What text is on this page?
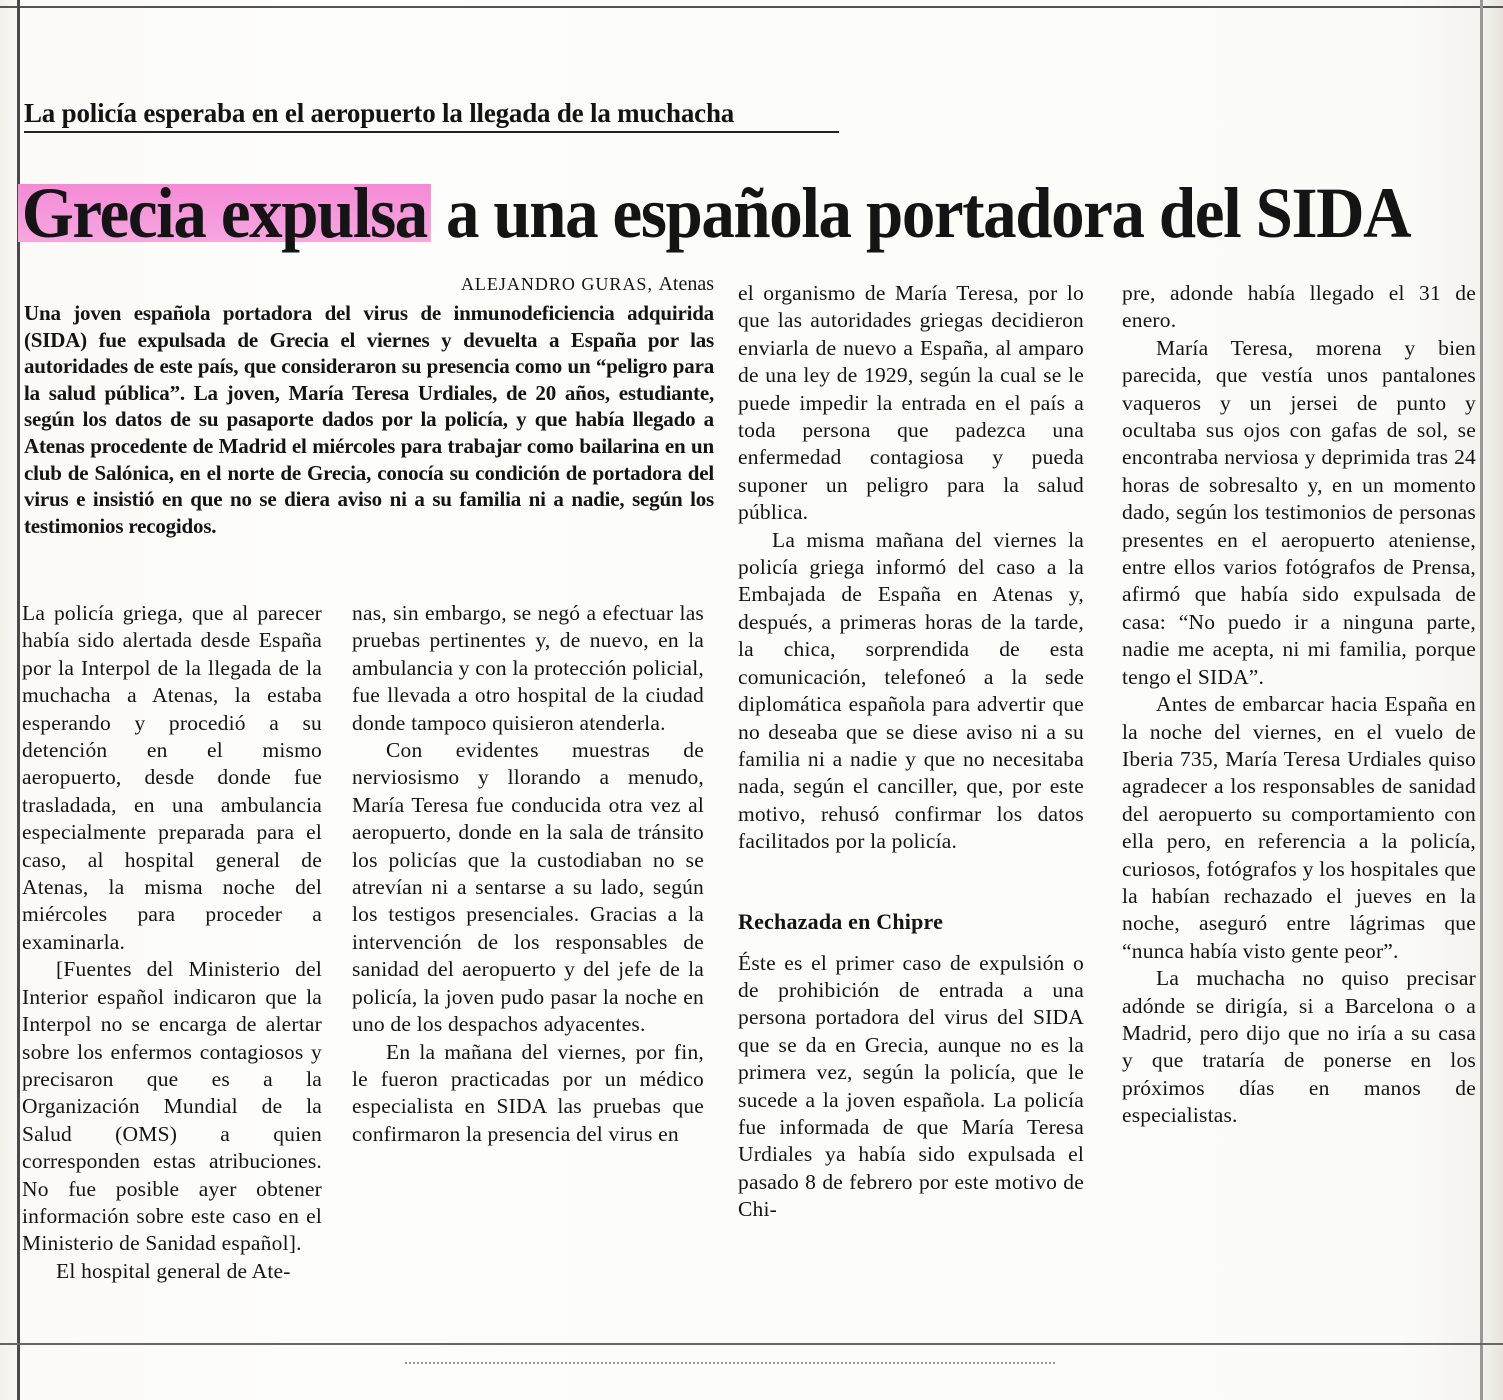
La policía esperaba en el aeropuerto la llegada de la muchacha
Grecia expulsa a una española portadora del SIDA
ALEJANDRO GURAS, Atenas
Una joven española portadora del virus de inmunodeficiencia adquirida (SIDA) fue expulsada de Grecia el viernes y devuelta a España por las autoridades de este país, que consideraron su presencia como un “peligro para la salud pública”. La joven, María Teresa Urdiales, de 20 años, estudiante, según los datos de su pasaporte dados por la policía, y que había llegado a Atenas procedente de Madrid el miércoles para trabajar como bailarina en un club de Salónica, en el norte de Grecia, conocía su condición de portadora del virus e insistió en que no se diera aviso ni a su familia ni a nadie, según los testimonios recogidos.

La policía griega, que al parecer había sido alertada desde España por la Interpol de la llegada de la muchacha a Atenas, la estaba esperando y procedió a su detención en el mismo aeropuerto, desde donde fue trasladada, en una ambulancia especialmente preparada para el caso, al hospital general de Atenas, la misma noche del miércoles para proceder a examinarla.

[Fuentes del Ministerio del Interior español indicaron que la Interpol no se encarga de alertar sobre los enfermos contagiosos y precisaron que es a la Organización Mundial de la Salud (OMS) a quien corresponden estas atribuciones. No fue posible ayer obtener información sobre este caso en el Ministerio de Sanidad español].

El hospital general de Ate-

nas, sin embargo, se negó a efectuar las pruebas pertinentes y, de nuevo, en la ambulancia y con la protección policial, fue llevada a otro hospital de la ciudad donde tampoco quisieron atenderla.

Con evidentes muestras de nerviosismo y llorando a menudo, María Teresa fue conducida otra vez al aeropuerto, donde en la sala de tránsito los policías que la custodiaban no se atrevían ni a sentarse a su lado, según los testigos presenciales. Gracias a la intervención de los responsables de sanidad del aeropuerto y del jefe de la policía, la joven pudo pasar la noche en uno de los despachos adyacentes.

En la mañana del viernes, por fin, le fueron practicadas por un médico especialista en SIDA las pruebas que confirmaron la presencia del virus en

el organismo de María Teresa, por lo que las autoridades griegas decidieron enviarla de nuevo a España, al amparo de una ley de 1929, según la cual se le puede impedir la entrada en el país a toda persona que padezca una enfermedad contagiosa y pueda suponer un peligro para la salud pública.

La misma mañana del viernes la policía griega informó del caso a la Embajada de España en Atenas y, después, a primeras horas de la tarde, la chica, sorprendida de esta comunicación, telefoneó a la sede diplomática española para advertir que no deseaba que se diese aviso ni a su familia ni a nadie y que no necesitaba nada, según el canciller, que, por este motivo, rehusó confirmar los datos facilitados por la policía.

Rechazada en Chipre

Éste es el primer caso de expulsión o de prohibición de entrada a una persona portadora del virus del SIDA que se da en Grecia, aunque no es la primera vez, según la policía, que le sucede a la joven española. La policía fue informada de que María Teresa Urdiales ya había sido expulsada el pasado 8 de febrero por este motivo de Chi-

pre, adonde había llegado el 31 de enero.

María Teresa, morena y bien parecida, que vestía unos pantalones vaqueros y un jersei de punto y ocultaba sus ojos con gafas de sol, se encontraba nerviosa y deprimida tras 24 horas de sobresalto y, en un momento dado, según los testimonios de personas presentes en el aeropuerto ateniense, entre ellos varios fotógrafos de Prensa, afirmó que había sido expulsada de casa: “No puedo ir a ninguna parte, nadie me acepta, ni mi familia, porque tengo el SIDA”.

Antes de embarcar hacia España en la noche del viernes, en el vuelo de Iberia 735, María Teresa Urdiales quiso agradecer a los responsables de sanidad del aeropuerto su comportamiento con ella pero, en referencia a la policía, curiosos, fotógrafos y los hospitales que la habían rechazado el jueves en la noche, aseguró entre lágrimas que “nunca había visto gente peor”.

La muchacha no quiso precisar adónde se dirigía, si a Barcelona o a Madrid, pero dijo que no iría a su casa y que trataría de ponerse en los próximos días en manos de especialistas.
